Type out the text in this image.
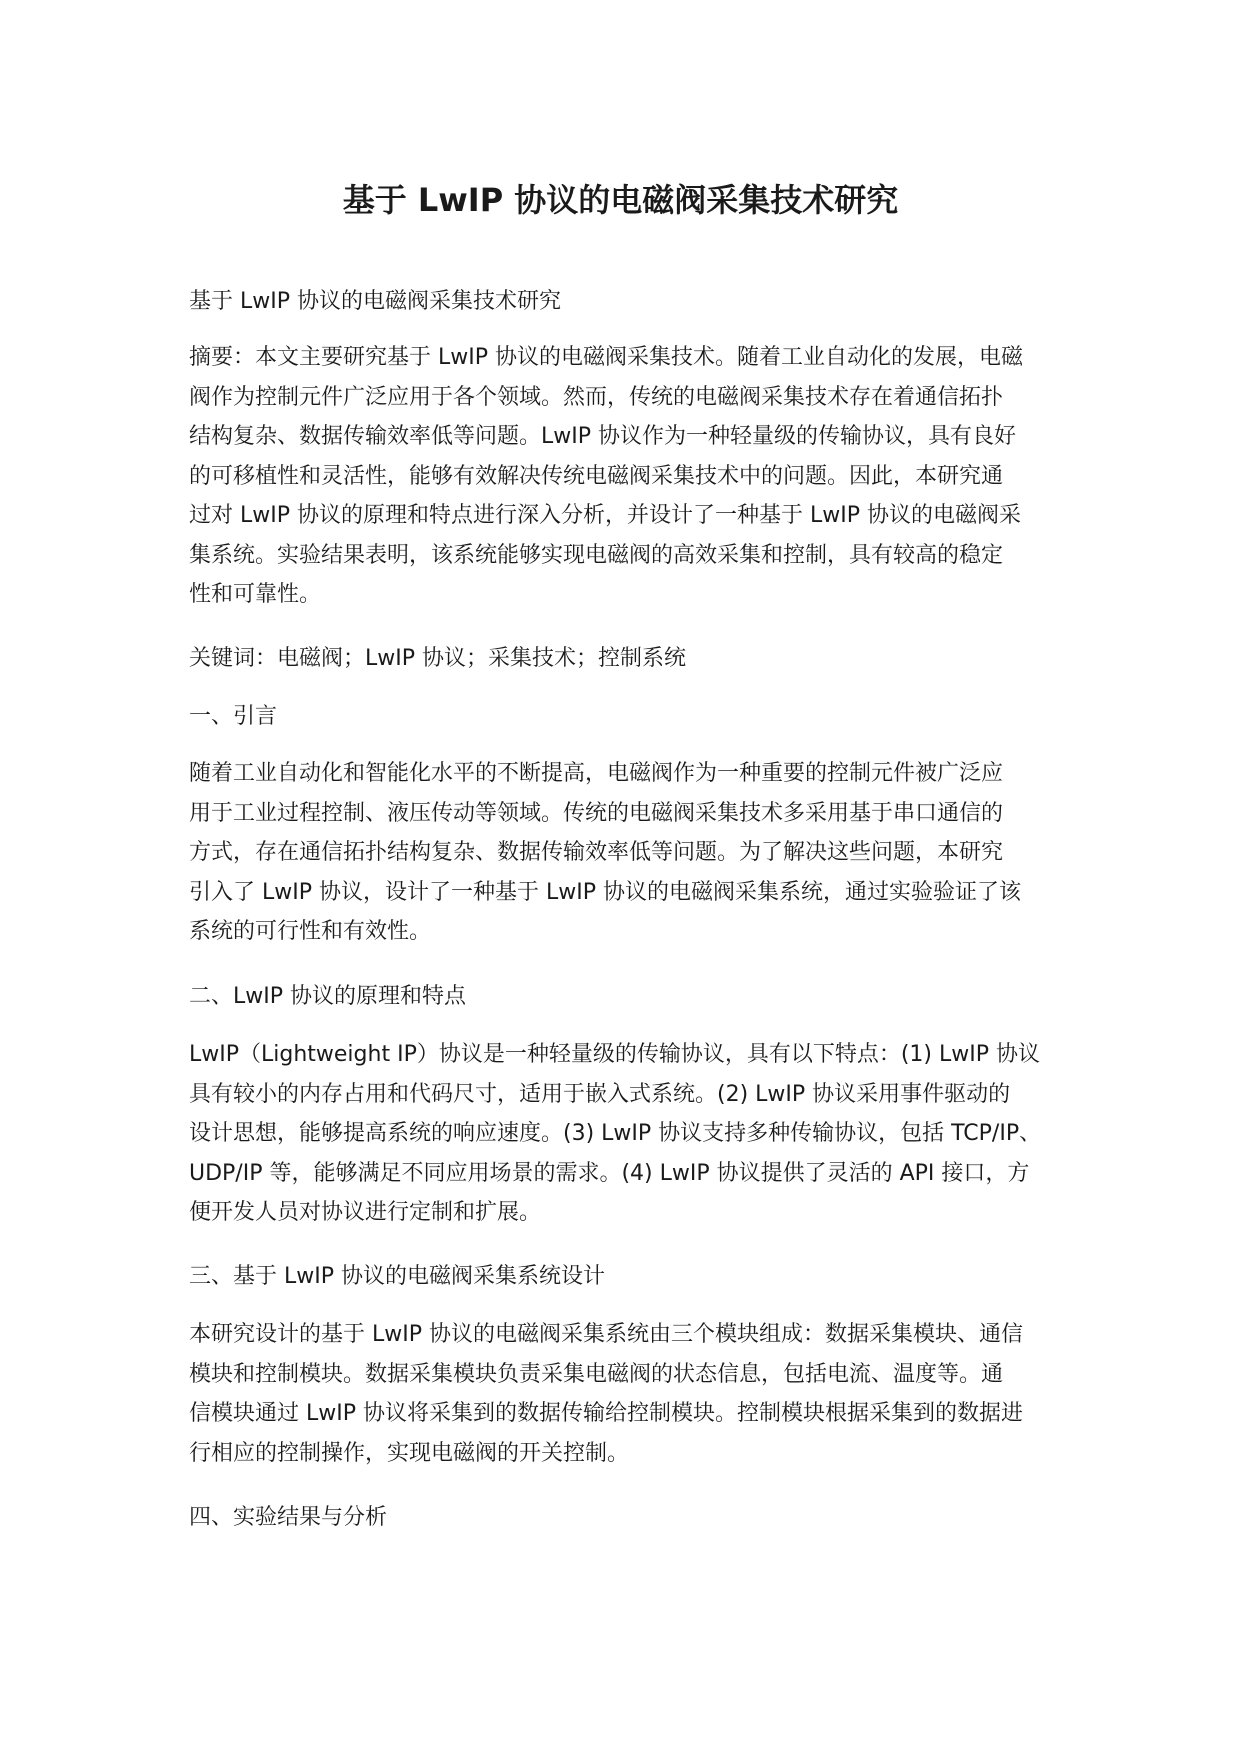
基于 LwIP 协议的电磁阀采集技术研究

基于 LwIP 协议的电磁阀采集技术研究

摘要：本文主要研究基于 LwIP 协议的电磁阀采集技术。随着工业自动化的发展，电磁
阀作为控制元件广泛应用于各个领域。然而，传统的电磁阀采集技术存在着通信拓扑
结构复杂、数据传输效率低等问题。LwIP 协议作为一种轻量级的传输协议，具有良好
的可移植性和灵活性，能够有效解决传统电磁阀采集技术中的问题。因此，本研究通
过对 LwIP 协议的原理和特点进行深入分析，并设计了一种基于 LwIP 协议的电磁阀采
集系统。实验结果表明，该系统能够实现电磁阀的高效采集和控制，具有较高的稳定
性和可靠性。

关键词：电磁阀；LwIP 协议；采集技术；控制系统

一、引言

随着工业自动化和智能化水平的不断提高，电磁阀作为一种重要的控制元件被广泛应
用于工业过程控制、液压传动等领域。传统的电磁阀采集技术多采用基于串口通信的
方式，存在通信拓扑结构复杂、数据传输效率低等问题。为了解决这些问题，本研究
引入了 LwIP 协议，设计了一种基于 LwIP 协议的电磁阀采集系统，通过实验验证了该
系统的可行性和有效性。

二、LwIP 协议的原理和特点

LwIP（Lightweight IP）协议是一种轻量级的传输协议，具有以下特点：(1) LwIP 协议
具有较小的内存占用和代码尺寸，适用于嵌入式系统。(2) LwIP 协议采用事件驱动的
设计思想，能够提高系统的响应速度。(3) LwIP 协议支持多种传输协议，包括 TCP/IP、
UDP/IP 等，能够满足不同应用场景的需求。(4) LwIP 协议提供了灵活的 API 接口，方
便开发人员对协议进行定制和扩展。

三、基于 LwIP 协议的电磁阀采集系统设计

本研究设计的基于 LwIP 协议的电磁阀采集系统由三个模块组成：数据采集模块、通信
模块和控制模块。数据采集模块负责采集电磁阀的状态信息，包括电流、温度等。通
信模块通过 LwIP 协议将采集到的数据传输给控制模块。控制模块根据采集到的数据进
行相应的控制操作，实现电磁阀的开关控制。

四、实验结果与分析
